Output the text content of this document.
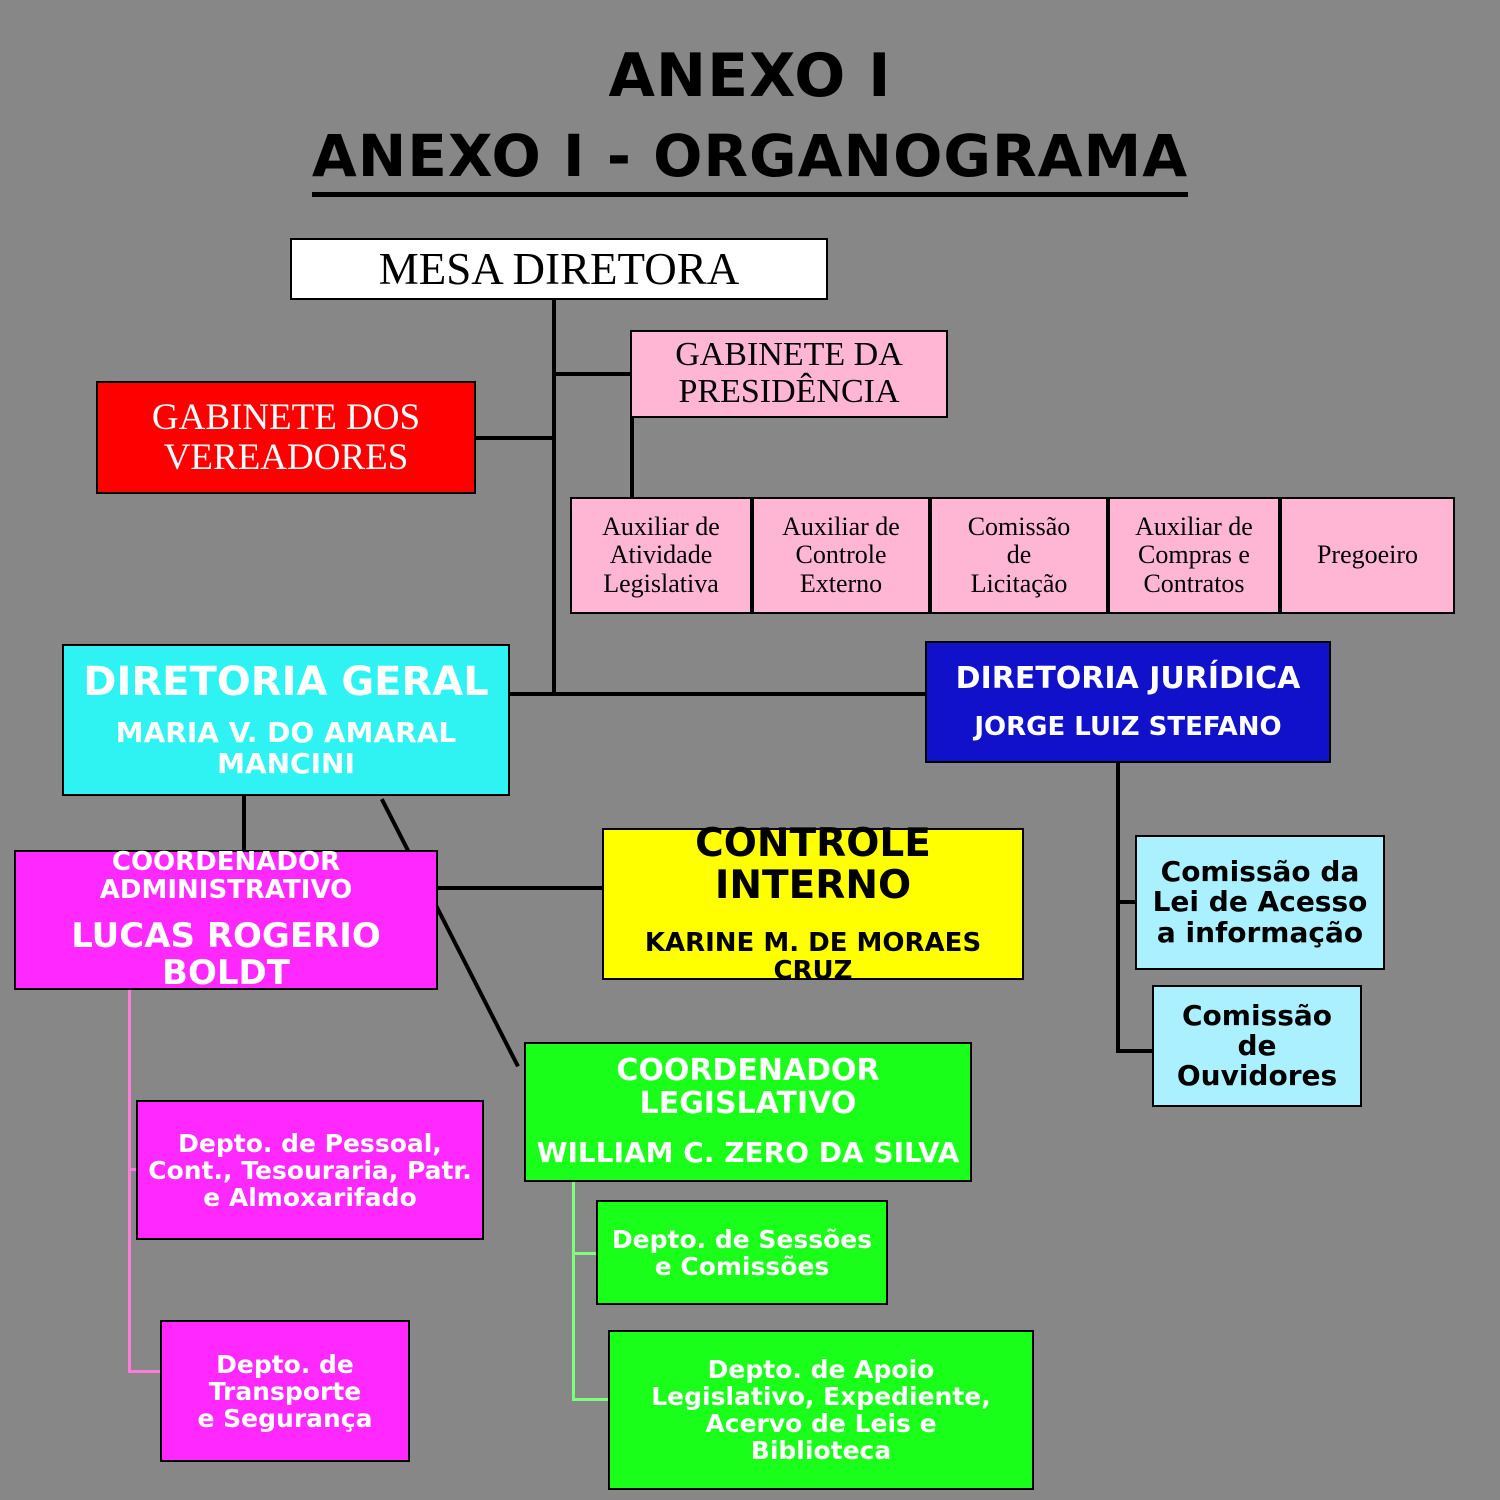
ANEXO I
ANEXO I - ORGANOGRAMA
MESA DIRETORA
GABINETE DA
PRESIDÊNCIA
GABINETE DOS
VEREADORES
Auxiliar de
Atividade
Legislativa
Auxiliar de
Controle
Externo
Comissão
de
Licitação
Auxiliar de
Compras e
Contratos
Pregoeiro
DIRETORIA GERAL
MARIA V. DO AMARAL MANCINI
DIRETORIA JURÍDICA
JORGE LUIZ STEFANO
COORDENADOR ADMINISTRATIVO
LUCAS ROGERIO BOLDT
CONTROLE INTERNO
KARINE M. DE MORAES CRUZ
Comissão da
Lei de Acesso
a informação
Comissão
de
Ouvidores
COORDENADOR LEGISLATIVO
WILLIAM C. ZERO DA SILVA
Depto. de Pessoal,
Cont., Tesouraria, Patr.
e Almoxarifado
Depto. de
Transporte
e Segurança
Depto. de Sessões
e Comissões
Depto. de Apoio
Legislativo, Expediente,
Acervo de Leis e
Biblioteca
